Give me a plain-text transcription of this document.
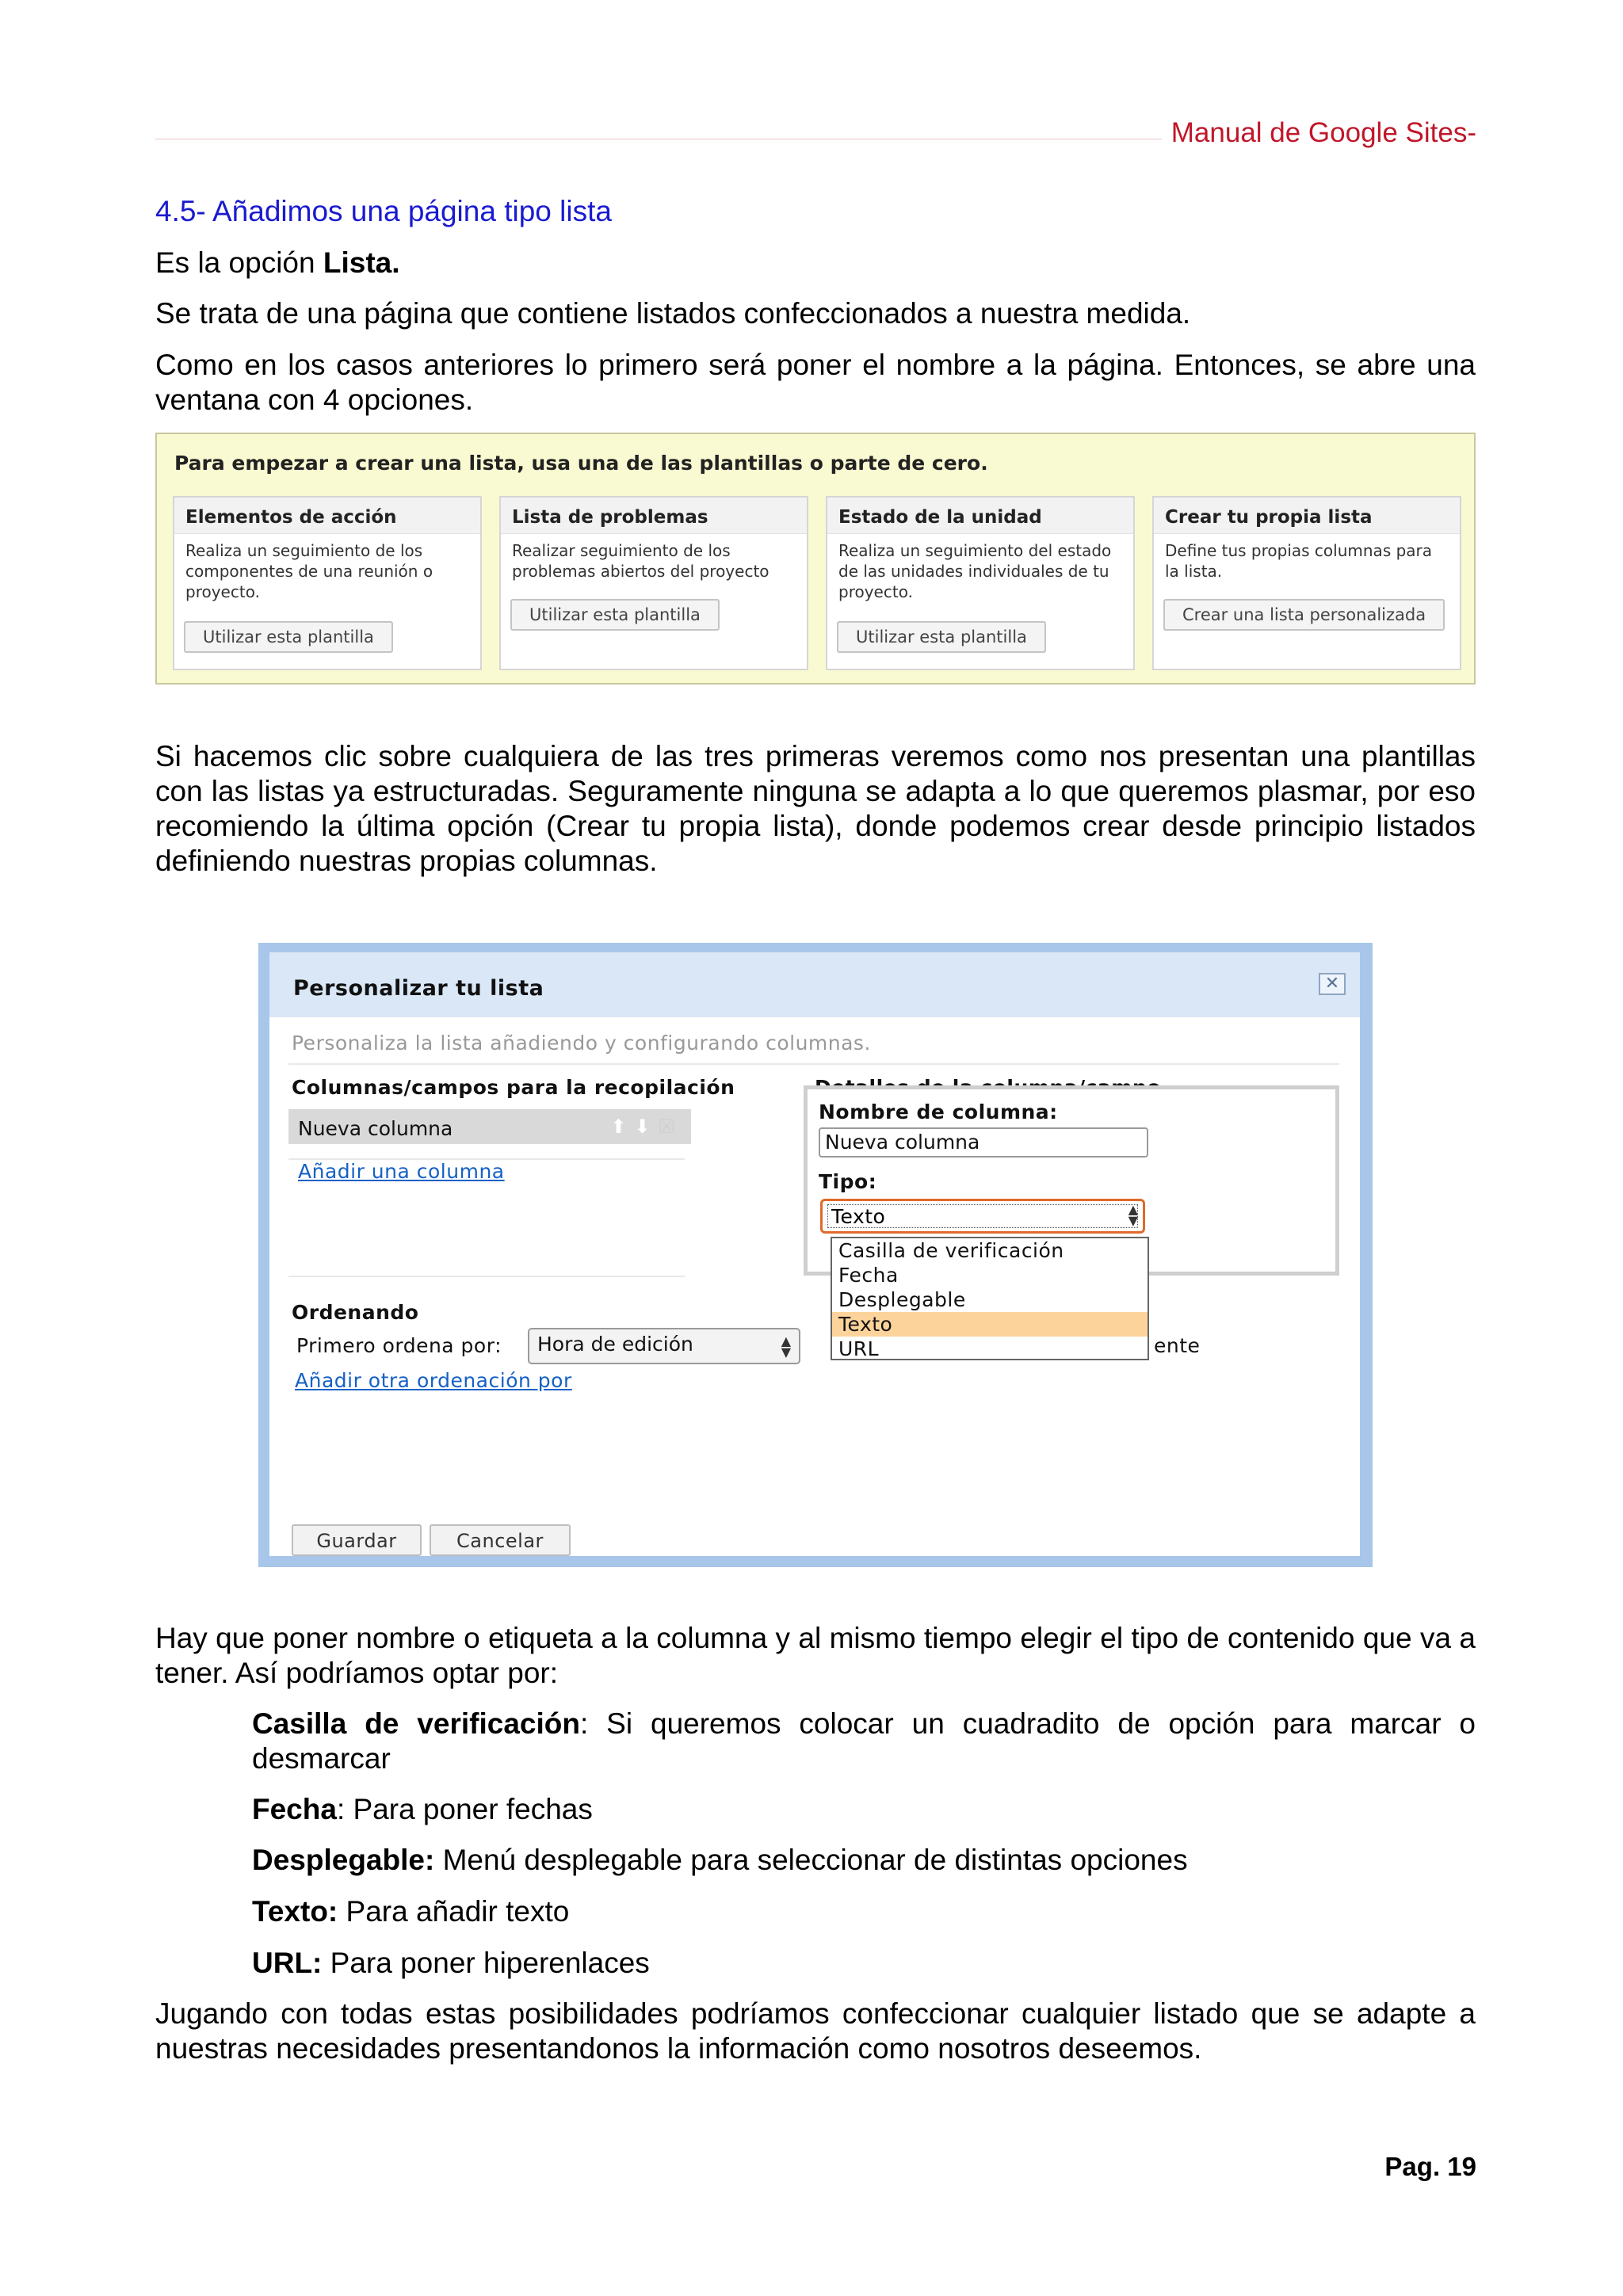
Manual de Google Sites-
4.5- Añadimos una página tipo lista
Es la opción Lista.
Se trata de una página que contiene listados confeccionados a nuestra medida.
Como en los casos anteriores lo primero será poner el nombre a la página. Entonces, se abre una ventana con 4 opciones.
Para empezar a crear una lista, usa una de las plantillas o parte de cero.
Elementos de acción
Realiza un seguimiento de los componentes de una reunión o proyecto.
Utilizar esta plantilla
Lista de problemas
Realizar seguimiento de los problemas abiertos del proyecto
Utilizar esta plantilla
Estado de la unidad
Realiza un seguimiento del estado de las unidades individuales de tu proyecto.
Utilizar esta plantilla
Crear tu propia lista
Define tus propias columnas para la lista.
Crear una lista personalizada
Si hacemos clic sobre cualquiera de las tres primeras veremos como nos presentan una plantillas con las listas ya estructuradas. Seguramente ninguna se adapta a lo que queremos plasmar, por eso recomiendo la última opción (Crear tu propia lista), donde podemos crear desde principio listados definiendo nuestras propias columnas.
Personalizar tu lista	✕
Personaliza la lista añadiendo y configurando columnas.
Columnas/campos para la recopilación
Nueva columna	⬆⬇☒
Añadir una columna
Nombre de columna:
Nueva columna
Tipo:
Texto	▲
▼
Casilla de verificación
Fecha
Desplegable
Texto
URL
Ordenando
Primero ordena por:	Hora de edición	▲
▼	ente
Añadir otra ordenación por
Guardar	Cancelar
Hay que poner nombre o etiqueta a la columna y al mismo tiempo elegir el tipo de contenido que va a tener. Así podríamos optar por:
Casilla de verificación: Si queremos colocar un cuadradito de opción para marcar o desmarcar
Fecha: Para poner fechas
Desplegable: Menú desplegable para seleccionar de distintas opciones
Texto: Para añadir texto
URL: Para poner hiperenlaces
Jugando con todas estas posibilidades podríamos confeccionar cualquier listado que se adapte a nuestras necesidades presentandonos la información como nosotros deseemos.
Pag. 19
